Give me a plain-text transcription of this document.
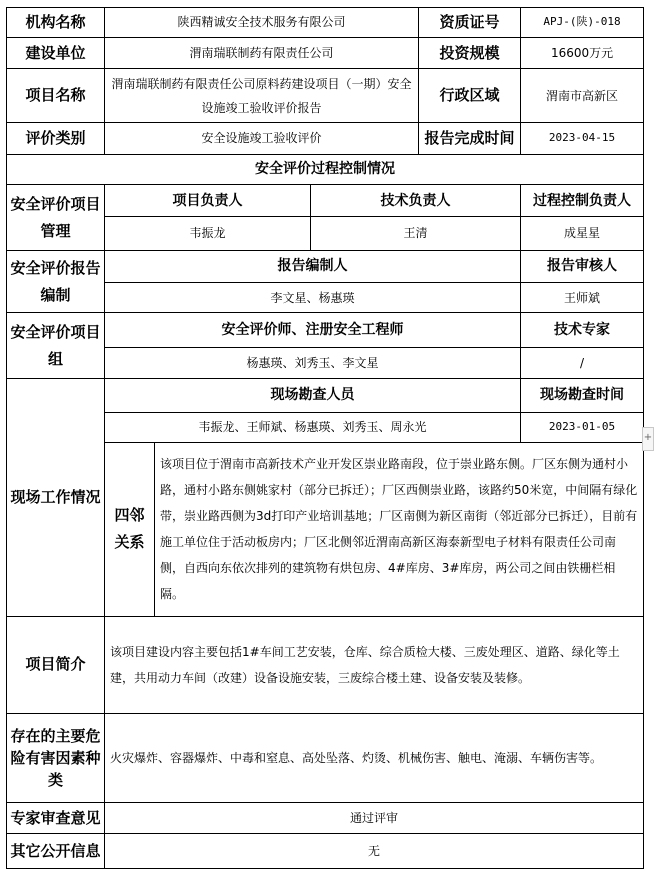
机构名称	陕西精诚安全技术服务有限公司			资质证号	APJ-(陕)-018
建设单位	渭南瑞联制药有限责任公司			投资规模	16600万元
项目名称	渭南瑞联制药有限责任公司原料药建设项目（一期）安全设施竣工验收评价报告			行政区域	渭南市高新区
评价类别	安全设施竣工验收评价			报告完成时间	2023-04-15
安全评价过程控制情况					
安全评价项目管理	项目负责人		技术负责人		过程控制负责人
	韦振龙		王清		成星星
安全评价报告编制	报告编制人				报告审核人
	李文星、杨惠瑛				王师斌
安全评价项目组	安全评价师、注册安全工程师				技术专家
	杨惠瑛、刘秀玉、李文星				/
现场工作情况	现场勘查人员				现场勘查时间
	韦振龙、王师斌、杨惠瑛、刘秀玉、周永光				2023-01-05
	四邻关系	该项目位于渭南市高新技术产业开发区崇业路南段，位于崇业路东侧。厂区东侧为通村小路，通村小路东侧姚家村（部分已拆迁）；厂区西侧崇业路，该路约50米宽，中间隔有绿化带，崇业路西侧为3d打印产业培训基地；厂区南侧为新区南街（邻近部分已拆迁），目前有施工单位住于活动板房内；厂区北侧邻近渭南高新区海泰新型电子材料有限责任公司南侧，自西向东依次排列的建筑物有烘包房、4#库房、3#库房，两公司之间由铁栅栏相隔。			
项目简介	该项目建设内容主要包括1#车间工艺安装，仓库、综合质检大楼、三废处理区、道路、绿化等土建，共用动力车间（改建）设备设施安装，三废综合楼土建、设备安装及装修。				
存在的主要危险有害因素种类	火灾爆炸、容器爆炸、中毒和窒息、高处坠落、灼烫、机械伤害、触电、淹溺、车辆伤害等。				
专家审查意见	通过评审				
其它公开信息	无				
+
